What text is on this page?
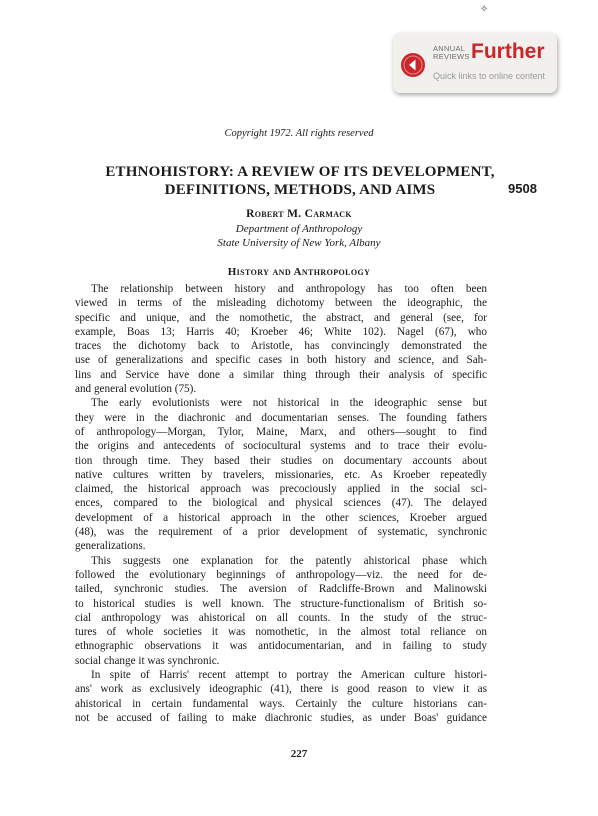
✧
ANNUAL
REVIEWS Further
Quick links to online content
Copyright 1972. All rights reserved
ETHNOHISTORY: A REVIEW OF ITS DEVELOPMENT,
DEFINITIONS, METHODS, AND AIMS	9508
Robert M. Carmack
Department of Anthropology
State University of New York, Albany
History and Anthropology
The relationship between history and anthropology has too often been
viewed in terms of the misleading dichotomy between the ideographic, the
specific and unique, and the nomothetic, the abstract, and general (see, for
example, Boas 13; Harris 40; Kroeber 46; White 102). Nagel (67), who
traces the dichotomy back to Aristotle, has convincingly demonstrated the
use of generalizations and specific cases in both history and science, and Sah-
lins and Service have done a similar thing through their analysis of specific
and general evolution (75).
The early evolutionists were not historical in the ideographic sense but
they were in the diachronic and documentarian senses. The founding fathers
of anthropology—Morgan, Tylor, Maine, Marx, and others—sought to find
the origins and antecedents of sociocultural systems and to trace their evolu-
tion through time. They based their studies on documentary accounts about
native cultures written by travelers, missionaries, etc. As Kroeber repeatedly
claimed, the historical approach was precociously applied in the social sci-
ences, compared to the biological and physical sciences (47). The delayed
development of a historical approach in the other sciences, Kroeber argued
(48), was the requirement of a prior development of systematic, synchronic
generalizations.
This suggests one explanation for the patently ahistorical phase which
followed the evolutionary beginnings of anthropology—viz. the need for de-
tailed, synchronic studies. The aversion of Radcliffe-Brown and Malinowski
to historical studies is well known. The structure-functionalism of British so-
cial anthropology was ahistorical on all counts. In the study of the struc-
tures of whole societies it was nomothetic, in the almost total reliance on
ethnographic observations it was antidocumentarian, and in failing to study
social change it was synchronic.
In spite of Harris' recent attempt to portray the American culture histori-
ans' work as exclusively ideographic (41), there is good reason to view it as
ahistorical in certain fundamental ways. Certainly the culture historians can-
not be accused of failing to make diachronic studies, as under Boas' guidance
227
